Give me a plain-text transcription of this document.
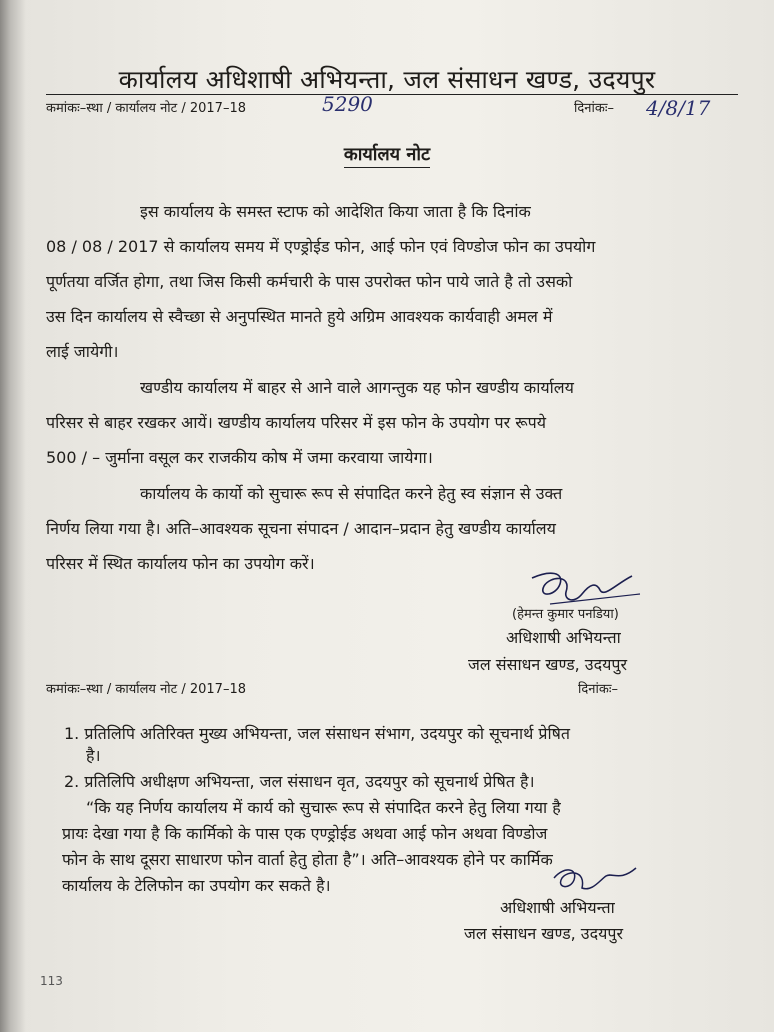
कार्यालय अधिशाषी अभियन्ता, जल संसाधन खण्ड, उदयपुर
कमांकः–स्था / कार्यालय नोट / 2017–18	5290	दिनांकः– 4/8/17
कार्यालय नोट
इस कार्यालय के समस्त स्टाफ को आदेशित किया जाता है कि दिनांक
08 / 08 / 2017 से कार्यालय समय में एण्ड्रोईड फोन, आई फोन एवं विण्डोज फोन का उपयोग
पूर्णतया वर्जित होगा, तथा जिस किसी कर्मचारी के पास उपरोक्त फोन पाये जाते है तो उसको
उस दिन कार्यालय से स्वैच्छा से अनुपस्थित मानते हुये अग्रिम आवश्यक कार्यवाही अमल में
लाई जायेगी।
खण्डीय कार्यालय में बाहर से आने वाले आगन्तुक यह फोन खण्डीय कार्यालय
परिसर से बाहर रखकर आयें। खण्डीय कार्यालय परिसर में इस फोन के उपयोग पर रूपये
500 / – जुर्माना वसूल कर राजकीय कोष में जमा करवाया जायेगा।
कार्यालय के कार्यो को सुचारू रूप से संपादित करने हेतु स्व संज्ञान से उक्त
निर्णय लिया गया है। अति–आवश्यक सूचना संपादन / आदान–प्रदान हेतु खण्डीय कार्यालय
परिसर में स्थित कार्यालय फोन का उपयोग करें।
(हेमन्त कुमार पनडिया)
अधिशाषी अभियन्ता
जल संसाधन खण्ड, उदयपुर
कमांकः–स्था / कार्यालय नोट / 2017–18	दिनांकः–
1. प्रतिलिपि अतिरिक्त मुख्य अभियन्ता, जल संसाधन संभाग, उदयपुर को सूचनार्थ प्रेषित
है।
2. प्रतिलिपि अधीक्षण अभियन्ता, जल संसाधन वृत, उदयपुर को सूचनार्थ प्रेषित है।
“कि यह निर्णय कार्यालय में कार्य को सुचारू रूप से संपादित करने हेतु लिया गया है
प्रायः देखा गया है कि कार्मिको के पास एक एण्ड्रोईड अथवा आई फोन अथवा विण्डोज
फोन के साथ दूसरा साधारण फोन वार्ता हेतु होता है”। अति–आवश्यक होने पर कार्मिक
कार्यालय के टेलिफोन का उपयोग कर सकते है।
अधिशाषी अभियन्ता
जल संसाधन खण्ड, उदयपुर
113
